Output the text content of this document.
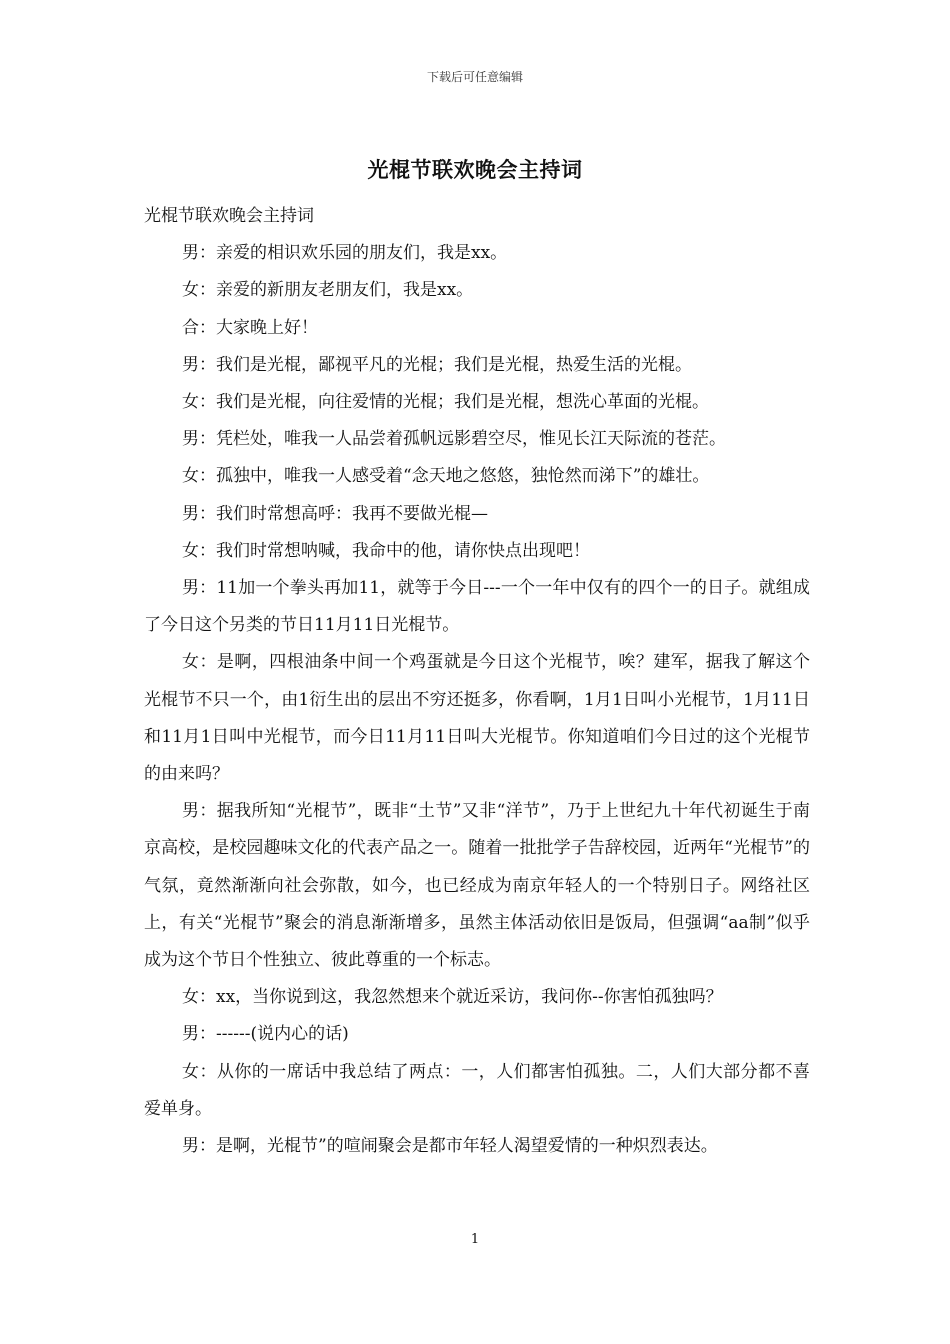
下载后可任意编辑
光棍节联欢晚会主持词

光棍节联欢晚会主持词

男：亲爱的相识欢乐园的朋友们，我是xx。

女：亲爱的新朋友老朋友们，我是xx。

合：大家晚上好！

男：我们是光棍，鄙视平凡的光棍；我们是光棍，热爱生活的光棍。

女：我们是光棍，向往爱情的光棍；我们是光棍，想洗心革面的光棍。

男：凭栏处，唯我一人品尝着孤帆远影碧空尽，惟见长江天际流的苍茫。

女：孤独中，唯我一人感受着“念天地之悠悠，独怆然而涕下”的雄壮。

男：我们时常想高呼：我再不要做光棍—

女：我们时常想呐喊，我命中的他，请你快点出现吧！

男：11加一个拳头再加11，就等于今日---一个一年中仅有的四个一的日子。就组成了今日这个另类的节日11月11日光棍节。

女：是啊，四根油条中间一个鸡蛋就是今日这个光棍节，唉？建军，据我了解这个光棍节不只一个，由1衍生出的层出不穷还挺多，你看啊，1月1日叫小光棍节，1月11日和11月1日叫中光棍节，而今日11月11日叫大光棍节。你知道咱们今日过的这个光棍节的由来吗？

男：据我所知“光棍节”，既非“土节”又非“洋节”，乃于上世纪九十年代初诞生于南京高校，是校园趣味文化的代表产品之一。随着一批批学子告辞校园，近两年“光棍节”的气氛，竟然渐渐向社会弥散，如今，也已经成为南京年轻人的一个特别日子。网络社区上，有关“光棍节”聚会的消息渐渐增多，虽然主体活动依旧是饭局，但强调“aa制”似乎成为这个节日个性独立、彼此尊重的一个标志。

女：xx，当你说到这，我忽然想来个就近采访，我问你--你害怕孤独吗？

男：------(说内心的话)

女：从你的一席话中我总结了两点：一，人们都害怕孤独。二，人们大部分都不喜爱单身。

男：是啊，光棍节”的喧闹聚会是都市年轻人渴望爱情的一种炽烈表达。

1
